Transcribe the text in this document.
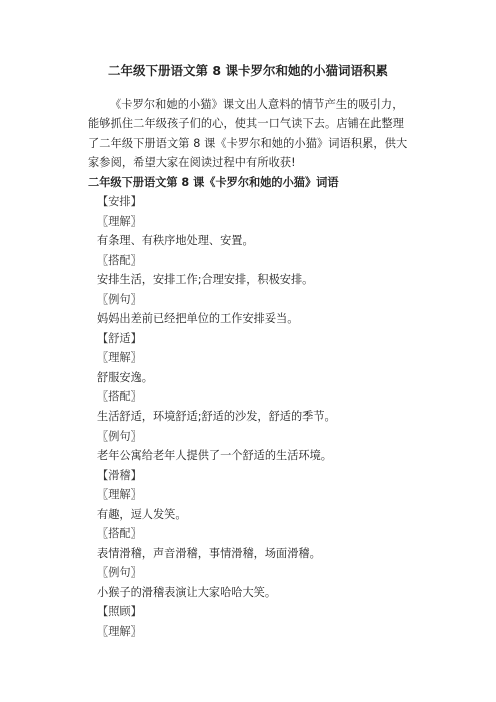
二年级下册语文第 8 课卡罗尔和她的小猫词语积累
《卡罗尔和她的小猫》课文出人意料的情节产生的吸引力，能够抓住二年级孩子们的心，使其一口气读下去。店铺在此整理了二年级下册语文第 8 课《卡罗尔和她的小猫》词语积累，供大家参阅，希望大家在阅读过程中有所收获!
二年级下册语文第 8 课《卡罗尔和她的小猫》词语
【安排】
〖理解〗
有条理、有秩序地处理、安置。
〖搭配〗
安排生活，安排工作;合理安排，积极安排。
〖例句〗
妈妈出差前已经把单位的工作安排妥当。
【舒适】
〖理解〗
舒服安逸。
〖搭配〗
生活舒适，环境舒适;舒适的沙发，舒适的季节。
〖例句〗
老年公寓给老年人提供了一个舒适的生活环境。
【滑稽】
〖理解〗
有趣，逗人发笑。
〖搭配〗
表情滑稽，声音滑稽，事情滑稽，场面滑稽。
〖例句〗
小猴子的滑稽表演让大家哈哈大笑。
【照顾】
〖理解〗
